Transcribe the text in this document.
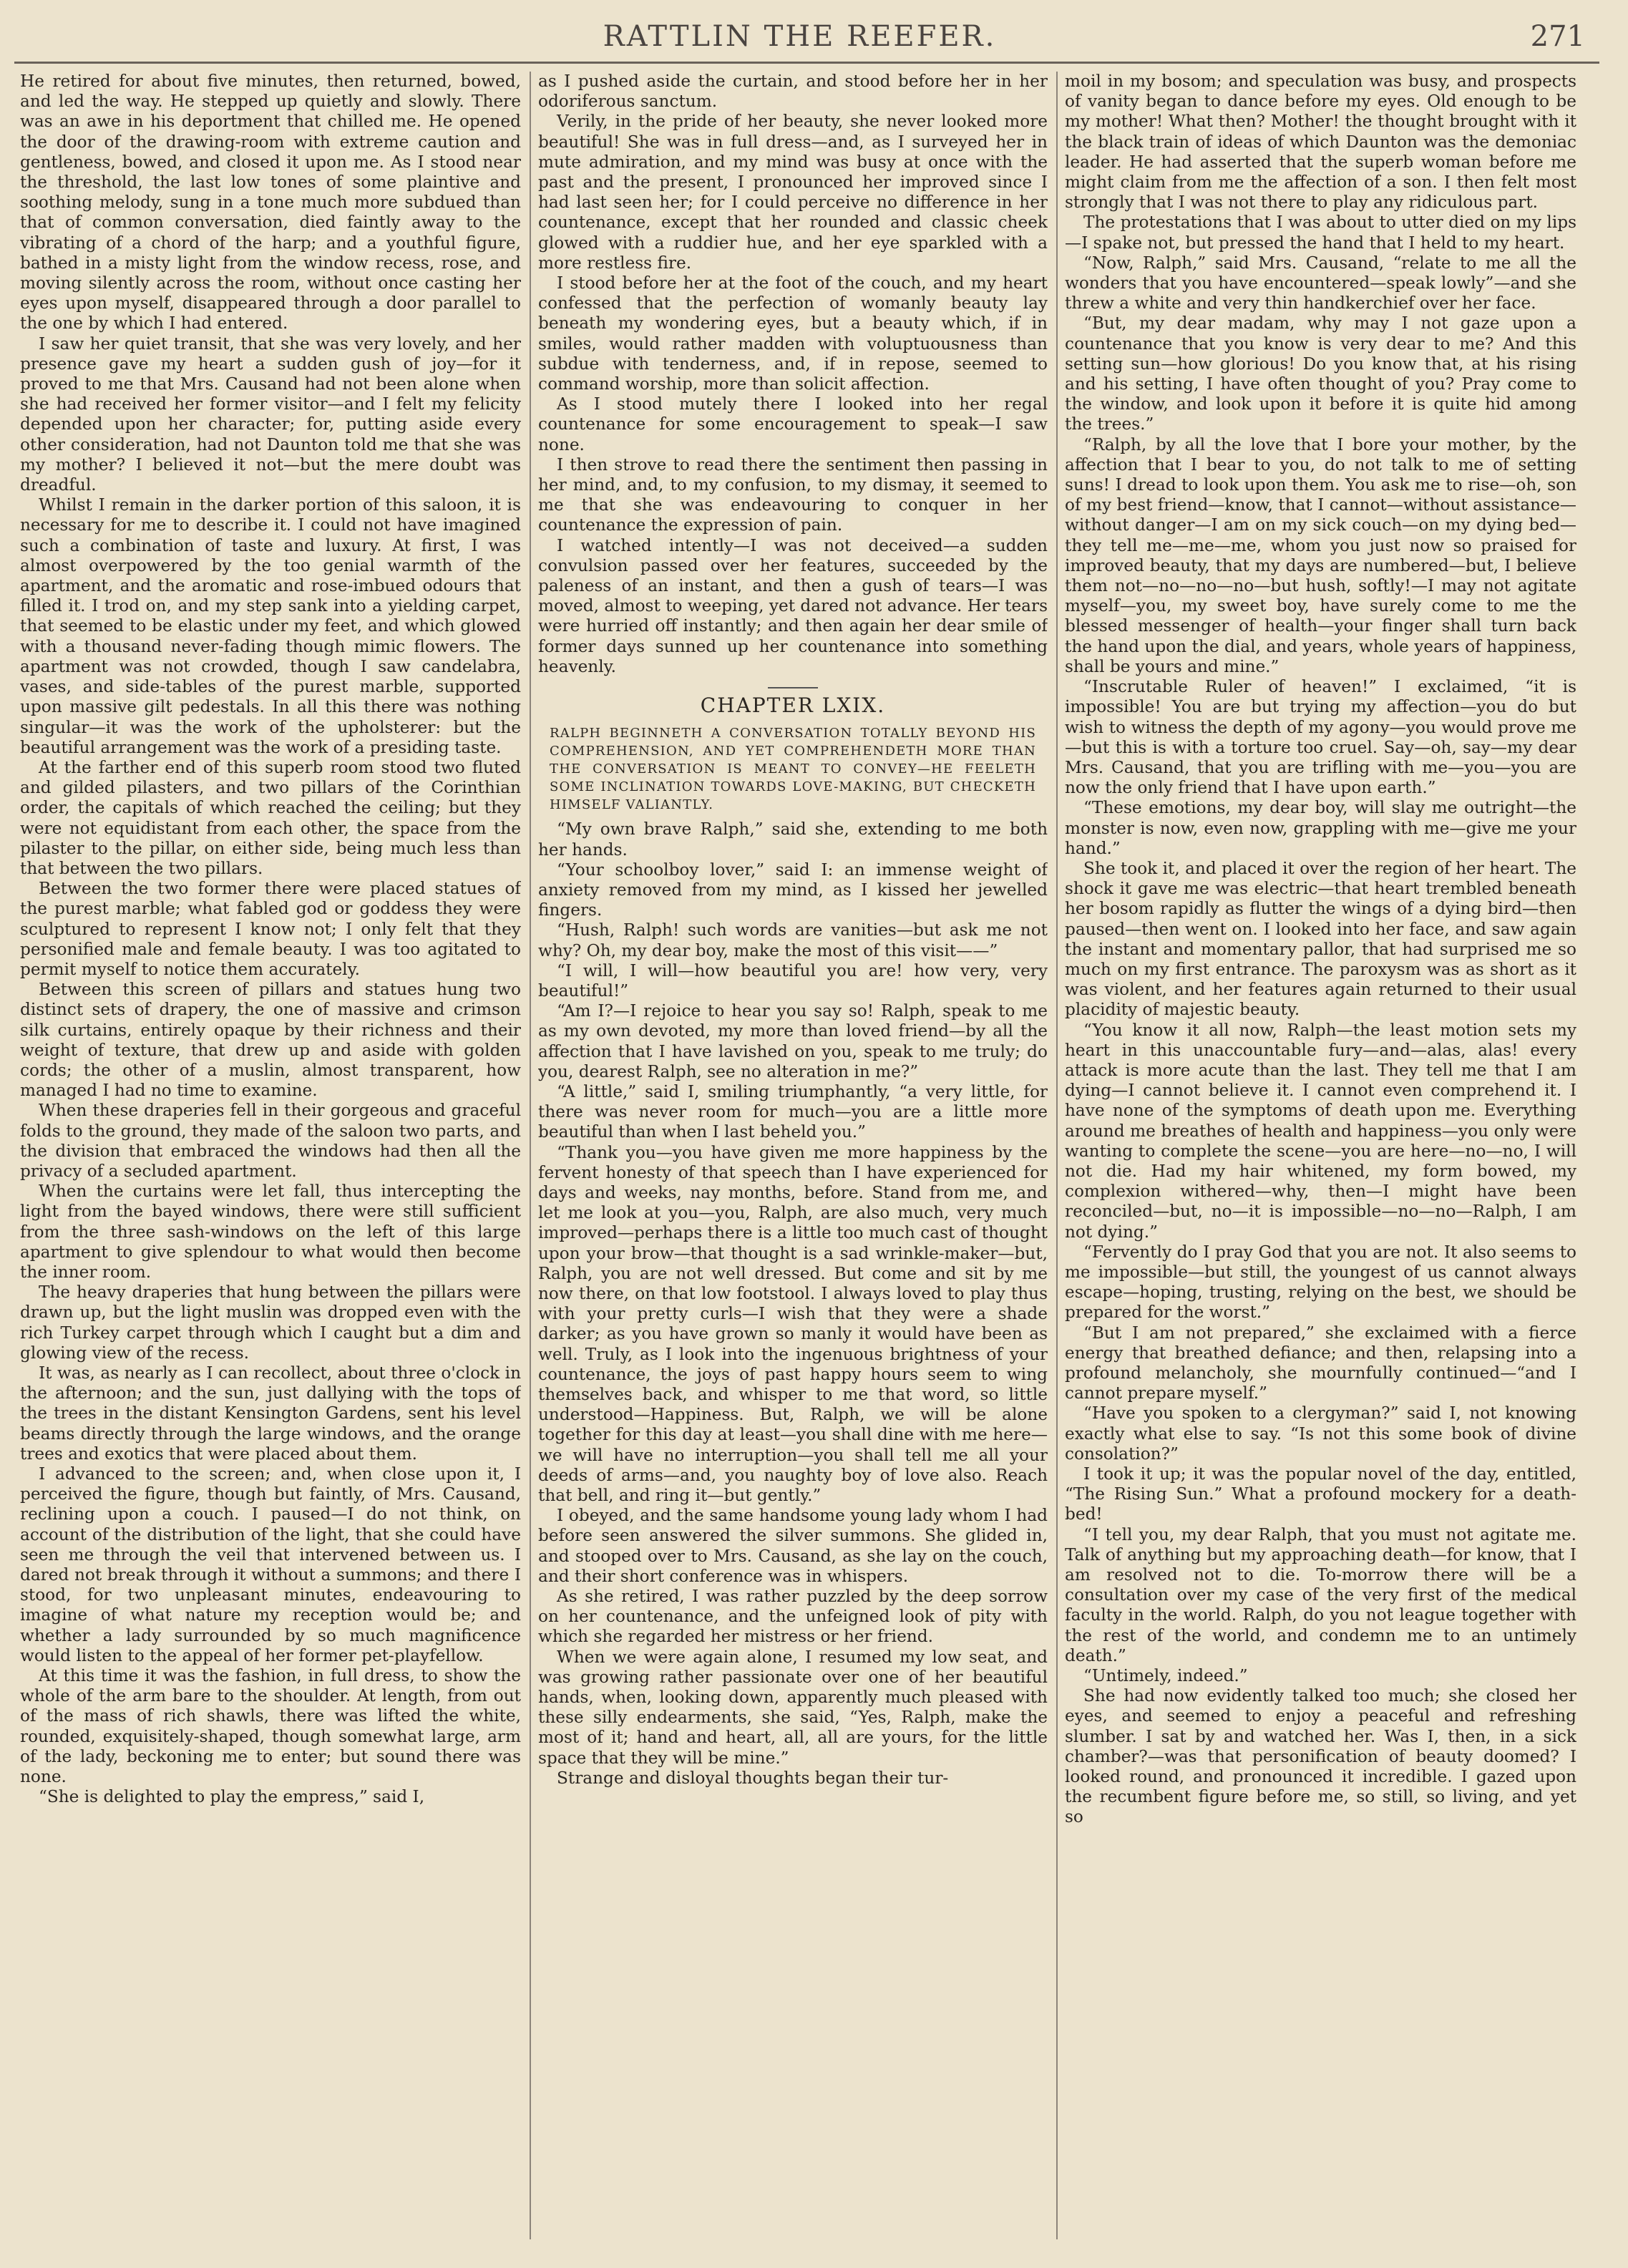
RATTLIN THE REEFER.	271

He retired for about five minutes, then returned, bowed, and led the way. He stepped up quietly and slowly. There was an awe in his deportment that chilled me. He opened the door of the drawing-room with extreme caution and gentleness, bowed, and closed it upon me. As I stood near the threshold, the last low tones of some plaintive and soothing melody, sung in a tone much more subdued than that of common conversation, died faintly away to the vibrating of a chord of the harp; and a youthful figure, bathed in a misty light from the window recess, rose, and moving silently across the room, without once casting her eyes upon myself, disappeared through a door parallel to the one by which I had entered.

I saw her quiet transit, that she was very lovely, and her presence gave my heart a sudden gush of joy—for it proved to me that Mrs. Causand had not been alone when she had received her former visitor—and I felt my felicity depended upon her character; for, putting aside every other consideration, had not Daunton told me that she was my mother? I believed it not—but the mere doubt was dreadful.

Whilst I remain in the darker portion of this saloon, it is necessary for me to describe it. I could not have imagined such a combination of taste and luxury. At first, I was almost overpowered by the too genial warmth of the apartment, and the aromatic and rose-imbued odours that filled it. I trod on, and my step sank into a yielding carpet, that seemed to be elastic under my feet, and which glowed with a thousand never-fading though mimic flowers. The apartment was not crowded, though I saw candelabra, vases, and side-tables of the purest marble, supported upon massive gilt pedestals. In all this there was nothing singular—it was the work of the upholsterer: but the beautiful arrangement was the work of a presiding taste.

At the farther end of this superb room stood two fluted and gilded pilasters, and two pillars of the Corinthian order, the capitals of which reached the ceiling; but they were not equidistant from each other, the space from the pilaster to the pillar, on either side, being much less than that between the two pillars.

Between the two former there were placed statues of the purest marble; what fabled god or goddess they were sculptured to represent I know not; I only felt that they personified male and female beauty. I was too agitated to permit myself to notice them accurately.

Between this screen of pillars and statues hung two distinct sets of drapery, the one of massive and crimson silk curtains, entirely opaque by their richness and their weight of texture, that drew up and aside with golden cords; the other of a muslin, almost transparent, how managed I had no time to examine.

When these draperies fell in their gorgeous and graceful folds to the ground, they made of the saloon two parts, and the division that embraced the windows had then all the privacy of a secluded apartment.

When the curtains were let fall, thus intercepting the light from the bayed windows, there were still sufficient from the three sash-windows on the left of this large apartment to give splendour to what would then become the inner room.

The heavy draperies that hung between the pillars were drawn up, but the light muslin was dropped even with the rich Turkey carpet through which I caught but a dim and glowing view of the recess.

It was, as nearly as I can recollect, about three o'clock in the afternoon; and the sun, just dallying with the tops of the trees in the distant Kensington Gardens, sent his level beams directly through the large windows, and the orange trees and exotics that were placed about them.

I advanced to the screen; and, when close upon it, I perceived the figure, though but faintly, of Mrs. Causand, reclining upon a couch. I paused—I do not think, on account of the distribution of the light, that she could have seen me through the veil that intervened between us. I dared not break through it without a summons; and there I stood, for two unpleasant minutes, endeavouring to imagine of what nature my reception would be; and whether a lady surrounded by so much magnificence would listen to the appeal of her former pet-playfellow.

At this time it was the fashion, in full dress, to show the whole of the arm bare to the shoulder. At length, from out of the mass of rich shawls, there was lifted the white, rounded, exquisitely-shaped, though somewhat large, arm of the lady, beckoning me to enter; but sound there was none.

“She is delighted to play the empress,” said I,

as I pushed aside the curtain, and stood before her in her odoriferous sanctum.

Verily, in the pride of her beauty, she never looked more beautiful! She was in full dress—and, as I surveyed her in mute admiration, and my mind was busy at once with the past and the present, I pronounced her improved since I had last seen her; for I could perceive no difference in her countenance, except that her rounded and classic cheek glowed with a ruddier hue, and her eye sparkled with a more restless fire.

I stood before her at the foot of the couch, and my heart confessed that the perfection of womanly beauty lay beneath my wondering eyes, but a beauty which, if in smiles, would rather madden with voluptuousness than subdue with tenderness, and, if in repose, seemed to command worship, more than solicit affection.

As I stood mutely there I looked into her regal countenance for some encouragement to speak—I saw none.

I then strove to read there the sentiment then passing in her mind, and, to my confusion, to my dismay, it seemed to me that she was endeavouring to conquer in her countenance the expression of pain.

I watched intently—I was not deceived—a sudden convulsion passed over her features, succeeded by the paleness of an instant, and then a gush of tears—I was moved, almost to weeping, yet dared not advance. Her tears were hurried off instantly; and then again her dear smile of former days sunned up her countenance into something heavenly.

CHAPTER LXIX.
RALPH BEGINNETH A CONVERSATION TOTALLY BEYOND HIS COMPREHENSION, AND YET COMPREHENDETH MORE THAN THE CONVERSATION IS MEANT TO CONVEY—HE FEELETH SOME INCLINATION TOWARDS LOVE-MAKING, BUT CHECKETH HIMSELF VALIANTLY.

“My own brave Ralph,” said she, extending to me both her hands.

“Your schoolboy lover,” said I: an immense weight of anxiety removed from my mind, as I kissed her jewelled fingers.

“Hush, Ralph! such words are vanities—but ask me not why? Oh, my dear boy, make the most of this visit——”

“I will, I will—how beautiful you are! how very, very beautiful!”

“Am I?—I rejoice to hear you say so! Ralph, speak to me as my own devoted, my more than loved friend—by all the affection that I have lavished on you, speak to me truly; do you, dearest Ralph, see no alteration in me?”

“A little,” said I, smiling triumphantly, “a very little, for there was never room for much—you are a little more beautiful than when I last beheld you.”

“Thank you—you have given me more happiness by the fervent honesty of that speech than I have experienced for days and weeks, nay months, before. Stand from me, and let me look at you—you, Ralph, are also much, very much improved—perhaps there is a little too much cast of thought upon your brow—that thought is a sad wrinkle-maker—but, Ralph, you are not well dressed. But come and sit by me now there, on that low footstool. I always loved to play thus with your pretty curls—I wish that they were a shade darker; as you have grown so manly it would have been as well. Truly, as I look into the ingenuous brightness of your countenance, the joys of past happy hours seem to wing themselves back, and whisper to me that word, so little understood—Happiness. But, Ralph, we will be alone together for this day at least—you shall dine with me here—we will have no interruption—you shall tell me all your deeds of arms—and, you naughty boy of love also. Reach that bell, and ring it—but gently.”

I obeyed, and the same handsome young lady whom I had before seen answered the silver summons. She glided in, and stooped over to Mrs. Causand, as she lay on the couch, and their short conference was in whispers.

As she retired, I was rather puzzled by the deep sorrow on her countenance, and the unfeigned look of pity with which she regarded her mistress or her friend.

When we were again alone, I resumed my low seat, and was growing rather passionate over one of her beautiful hands, when, looking down, apparently much pleased with these silly endearments, she said, “Yes, Ralph, make the most of it; hand and heart, all, all are yours, for the little space that they will be mine.”

Strange and disloyal thoughts began their tur-

moil in my bosom; and speculation was busy, and prospects of vanity began to dance before my eyes. Old enough to be my mother! What then? Mother! the thought brought with it the black train of ideas of which Daunton was the demoniac leader. He had asserted that the superb woman before me might claim from me the affection of a son. I then felt most strongly that I was not there to play any ridiculous part.

The protestations that I was about to utter died on my lips—I spake not, but pressed the hand that I held to my heart.

“Now, Ralph,” said Mrs. Causand, “relate to me all the wonders that you have encountered—speak lowly”—and she threw a white and very thin handkerchief over her face.

“But, my dear madam, why may I not gaze upon a countenance that you know is very dear to me? And this setting sun—how glorious! Do you know that, at his rising and his setting, I have often thought of you? Pray come to the window, and look upon it before it is quite hid among the trees.”

“Ralph, by all the love that I bore your mother, by the affection that I bear to you, do not talk to me of setting suns! I dread to look upon them. You ask me to rise—oh, son of my best friend—know, that I cannot—without assistance—without danger—I am on my sick couch—on my dying bed—they tell me—me—me, whom you just now so praised for improved beauty, that my days are numbered—but, I believe them not—no—no—no—but hush, softly!—I may not agitate myself—you, my sweet boy, have surely come to me the blessed messenger of health—your finger shall turn back the hand upon the dial, and years, whole years of happiness, shall be yours and mine.”

“Inscrutable Ruler of heaven!” I exclaimed, “it is impossible! You are but trying my affection—you do but wish to witness the depth of my agony—you would prove me—but this is with a torture too cruel. Say—oh, say—my dear Mrs. Causand, that you are trifling with me—you—you are now the only friend that I have upon earth.”

“These emotions, my dear boy, will slay me outright—the monster is now, even now, grappling with me—give me your hand.”

She took it, and placed it over the region of her heart. The shock it gave me was electric—that heart trembled beneath her bosom rapidly as flutter the wings of a dying bird—then paused—then went on. I looked into her face, and saw again the instant and momentary pallor, that had surprised me so much on my first entrance. The paroxysm was as short as it was violent, and her features again returned to their usual placidity of majestic beauty.

“You know it all now, Ralph—the least motion sets my heart in this unaccountable fury—and—alas, alas! every attack is more acute than the last. They tell me that I am dying—I cannot believe it. I cannot even comprehend it. I have none of the symptoms of death upon me. Everything around me breathes of health and happiness—you only were wanting to complete the scene—you are here—no—no, I will not die. Had my hair whitened, my form bowed, my complexion withered—why, then—I might have been reconciled—but, no—it is impossible—no—no—Ralph, I am not dying.”

“Fervently do I pray God that you are not. It also seems to me impossible—but still, the youngest of us cannot always escape—hoping, trusting, relying on the best, we should be prepared for the worst.”

“But I am not prepared,” she exclaimed with a fierce energy that breathed defiance; and then, relapsing into a profound melancholy, she mournfully continued—“and I cannot prepare myself.”

“Have you spoken to a clergyman?” said I, not knowing exactly what else to say. “Is not this some book of divine consolation?”

I took it up; it was the popular novel of the day, entitled, “The Rising Sun.” What a profound mockery for a death-bed!

“I tell you, my dear Ralph, that you must not agitate me. Talk of anything but my approaching death—for know, that I am resolved not to die. To-morrow there will be a consultation over my case of the very first of the medical faculty in the world. Ralph, do you not league together with the rest of the world, and condemn me to an untimely death.”

“Untimely, indeed.”

She had now evidently talked too much; she closed her eyes, and seemed to enjoy a peaceful and refreshing slumber. I sat by and watched her. Was I, then, in a sick chamber?—was that personification of beauty doomed? I looked round, and pronounced it incredible. I gazed upon the recumbent figure before me, so still, so living, and yet so
